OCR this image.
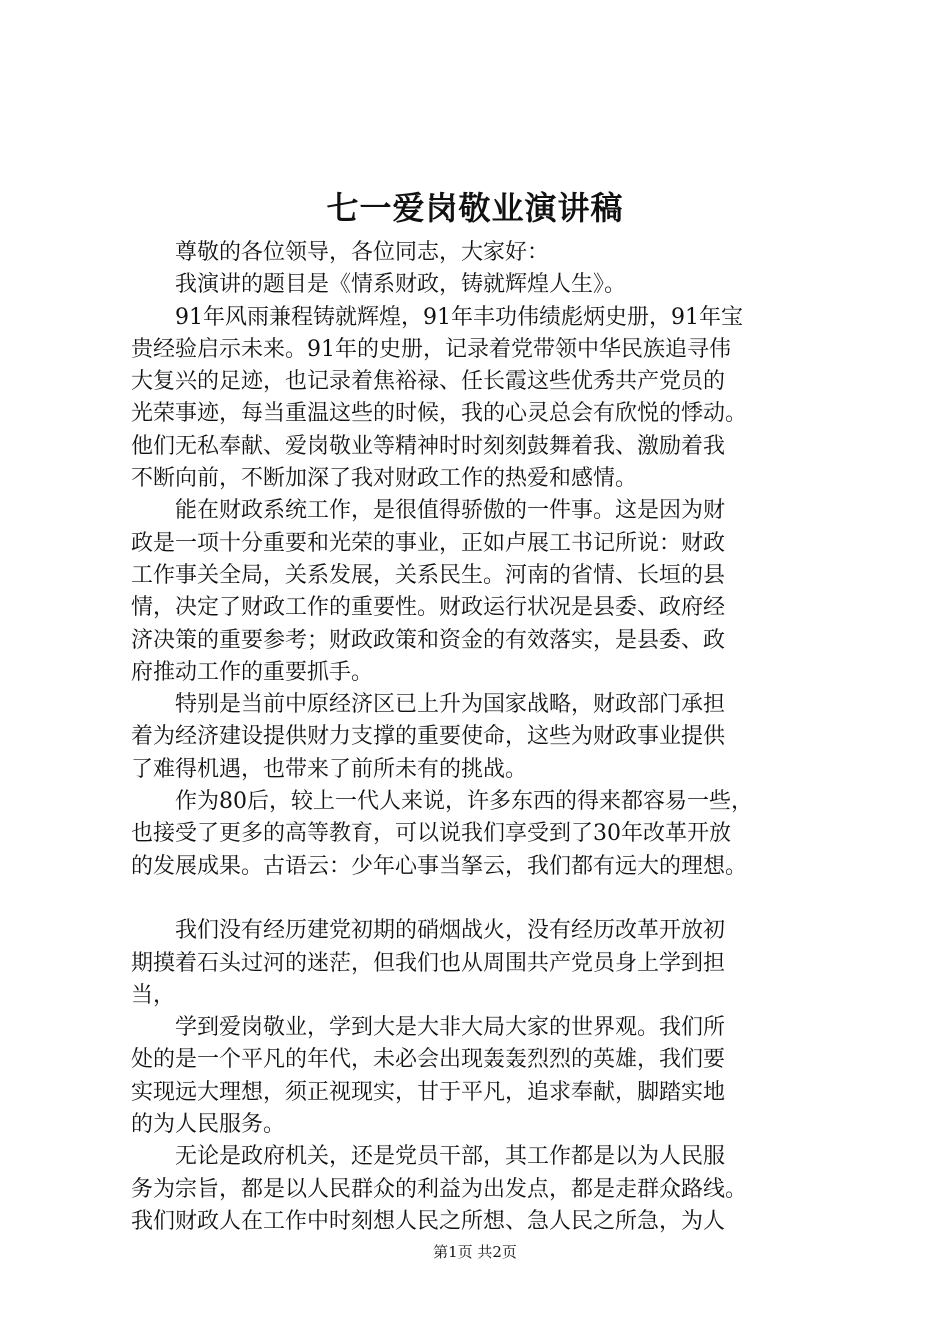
七一爱岗敬业演讲稿
尊敬的各位领导，各位同志，大家好：
我演讲的题目是《情系财政，铸就辉煌人生》。
91年风雨兼程铸就辉煌，91年丰功伟绩彪炳史册，91年宝
贵经验启示未来。91年的史册，记录着党带领中华民族追寻伟
大复兴的足迹，也记录着焦裕禄、任长霞这些优秀共产党员的
光荣事迹，每当重温这些的时候，我的心灵总会有欣悦的悸动。
他们无私奉献、爱岗敬业等精神时时刻刻鼓舞着我、激励着我
不断向前，不断加深了我对财政工作的热爱和感情。
能在财政系统工作，是很值得骄傲的一件事。这是因为财
政是一项十分重要和光荣的事业，正如卢展工书记所说：财政
工作事关全局，关系发展，关系民生。河南的省情、长垣的县
情，决定了财政工作的重要性。财政运行状况是县委、政府经
济决策的重要参考；财政政策和资金的有效落实，是县委、政
府推动工作的重要抓手。
特别是当前中原经济区已上升为国家战略，财政部门承担
着为经济建设提供财力支撑的重要使命，这些为财政事业提供
了难得机遇，也带来了前所未有的挑战。
作为80后，较上一代人来说，许多东西的得来都容易一些，
也接受了更多的高等教育，可以说我们享受到了30年改革开放
的发展成果。古语云：少年心事当拏云，我们都有远大的理想。
我们没有经历建党初期的硝烟战火，没有经历改革开放初
期摸着石头过河的迷茫，但我们也从周围共产党员身上学到担
当，
学到爱岗敬业，学到大是大非大局大家的世界观。我们所
处的是一个平凡的年代，未必会出现轰轰烈烈的英雄，我们要
实现远大理想，须正视现实，甘于平凡，追求奉献，脚踏实地
的为人民服务。
无论是政府机关，还是党员干部，其工作都是以为人民服
务为宗旨，都是以人民群众的利益为出发点，都是走群众路线。
我们财政人在工作中时刻想人民之所想、急人民之所急，为人
第1页 共2页
